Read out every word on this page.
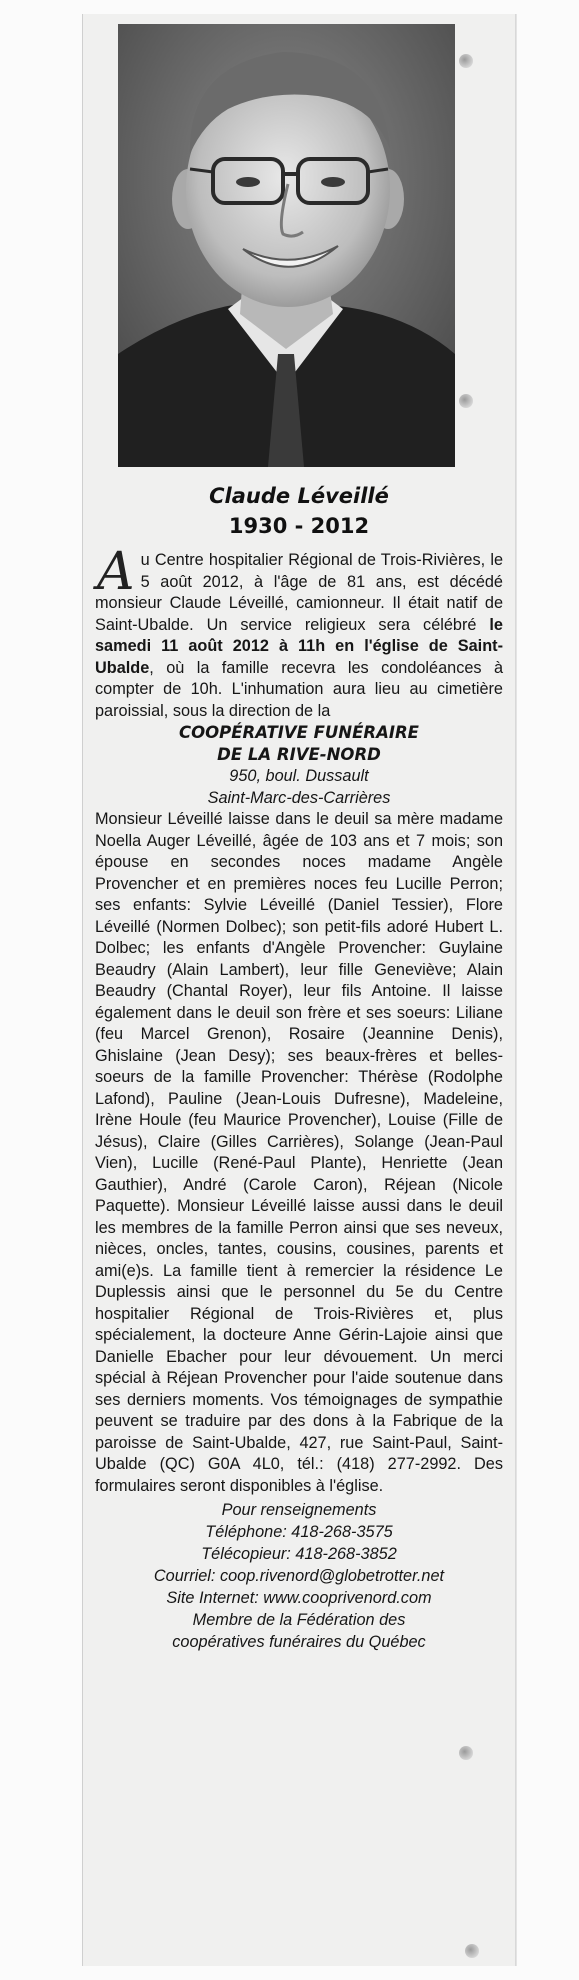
Claude Léveillé
1930 - 2012

Au Centre hospitalier Régional de Trois-Rivières, le 5 août 2012, à l'âge de 81 ans, est décédé monsieur Claude Léveillé, camionneur. Il était natif de Saint-Ubalde. Un service religieux sera célébré le samedi 11 août 2012 à 11h en l'église de Saint-Ubalde, où la famille recevra les condoléances à compter de 10h. L'inhumation aura lieu au cimetière paroissial, sous la direction de la

COOPÉRATIVE FUNÉRAIRE
DE LA RIVE-NORD
950, boul. Dussault
Saint-Marc-des-Carrières

Monsieur Léveillé laisse dans le deuil sa mère madame Noella Auger Léveillé, âgée de 103 ans et 7 mois; son épouse en secondes noces madame Angèle Provencher et en premières noces feu Lucille Perron; ses enfants: Sylvie Léveillé (Daniel Tessier), Flore Léveillé (Normen Dolbec); son petit-fils adoré Hubert L. Dolbec; les enfants d'Angèle Provencher: Guylaine Beaudry (Alain Lambert), leur fille Geneviève; Alain Beaudry (Chantal Royer), leur fils Antoine. Il laisse également dans le deuil son frère et ses soeurs: Liliane (feu Marcel Grenon), Rosaire (Jeannine Denis), Ghislaine (Jean Desy); ses beaux-frères et belles-soeurs de la famille Provencher: Thérèse (Rodolphe Lafond), Pauline (Jean-Louis Dufresne), Madeleine, Irène Houle (feu Maurice Provencher), Louise (Fille de Jésus), Claire (Gilles Carrières), Solange (Jean-Paul Vien), Lucille (René-Paul Plante), Henriette (Jean Gauthier), André (Carole Caron), Réjean (Nicole Paquette). Monsieur Léveillé laisse aussi dans le deuil les membres de la famille Perron ainsi que ses neveux, nièces, oncles, tantes, cousins, cousines, parents et ami(e)s. La famille tient à remercier la résidence Le Duplessis ainsi que le personnel du 5e du Centre hospitalier Régional de Trois-Rivières et, plus spécialement, la docteure Anne Gérin-Lajoie ainsi que Danielle Ebacher pour leur dévouement. Un merci spécial à Réjean Provencher pour l'aide soutenue dans ses derniers moments. Vos témoignages de sympathie peuvent se traduire par des dons à la Fabrique de la paroisse de Saint-Ubalde, 427, rue Saint-Paul, Saint-Ubalde (QC) G0A 4L0, tél.: (418) 277-2992. Des formulaires seront disponibles à l'église.

Pour renseignements
Téléphone: 418-268-3575
Télécopieur: 418-268-3852
Courriel: coop.rivenord@globetrotter.net
Site Internet: www.cooprivenord.com
Membre de la Fédération des
coopératives funéraires du Québec
